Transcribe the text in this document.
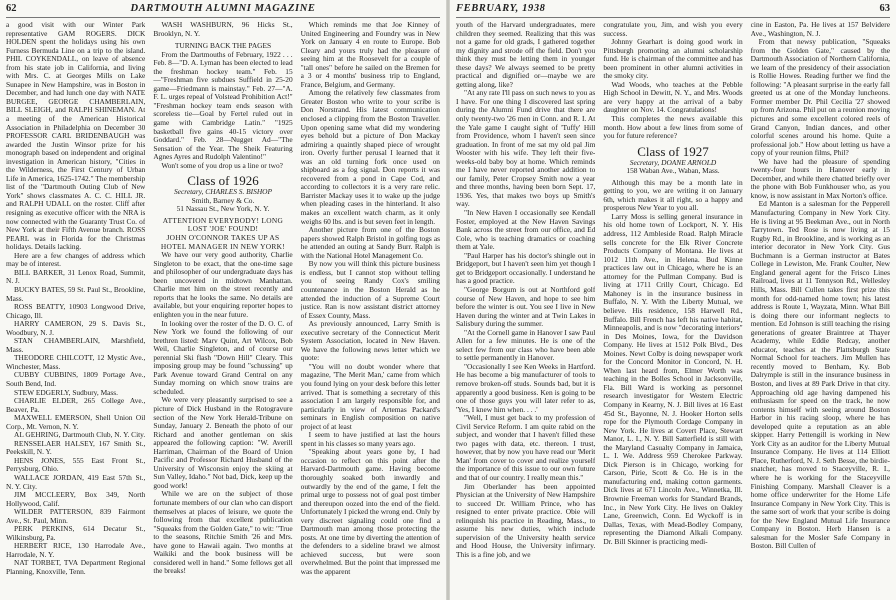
62	DARTMOUTH ALUMNI MAGAZINE

a good visit with our Winter Park representative GAM ROGERS. DICK HOLDEN spent the holidays using his own Furness Bermuda Line on a trip to the island. PHIL COYKENDALL, on leave of absence from his state job in California, and living with Mrs. C. at Georges Mills on Lake Sunapee in New Hampshire, was in Boston in December, and had lunch one day with NATE BURGEE, GEORGE CHAMBERLAIN, BILL SLEIGH, and RALPH SHINEMAN. At a meeting of the American Historical Association in Philadelphia on December 30 PROFESSOR CARL BRIDENBAUGH was awarded the Justin Winsor prize for his monograph based on independent and original investigation in American history, "Cities in the Wilderness, the First Century of Urban Life in America, 1625-1742." The membership list of the "Dartmouth Outing Club of New York" shows classmates A. C. C. HILL JR. and RALPH UDALL on the roster. Cliff after resigning as executive officer with the NRA is now connected with the Guaranty Trust Co. of New York at their Fifth Avenue branch. ROSS PEARL was in Florida for the Christmas holidays. Details lacking.

Here are a few changes of address which may be of interest.

BILL BARKER, 31 Lenox Road, Summit, N. J.

BUCKY BATES, 59 St. Paul St., Brookline, Mass.

ROSS BEATTY, 10903 Longwood Drive, Chicago, Ill.

HARRY CAMERON, 29 S. Davis St., Woodbury, N. J.

STAN CHAMBERLAIN, Marshfield, Mass.

THEODORE CHILCOTT, 12 Mystic Ave., Winchester, Mass.

CUBBY CUBBINS, 1809 Portage Ave., South Bend, Ind.

STEW EDGERLY, Sudbury, Mass.

CHARLIE ELDER, 265 College Ave., Beaver, Pa.

MAXWELL EMERSON, Shell Union Oil Corp., Mt. Vernon, N. Y.

AL GEHRING, Dartmouth Club, N. Y. City.

RENSSELAER HALSEY, 167 Smith St., Peekskill, N. Y.

HENS JONES, 555 East Front St., Perrysburg, Ohio.

WALLACE JORDAN, 419 East 57th St., N. Y. City.

JIM MCCLEERY, Box 349, North Hollywood, Calif.

WILDER PATTERSON, 839 Fairmont Ave., St. Paul, Minn.

PERK PERKINS, 614 Decatur St., Wilkinsburg, Pa.

HERBERT RICE, 130 Harrodale Ave., Harrodale, N. Y.

NAT TORBET, TVA Department Regional Planning, Knoxville, Tenn.

WASH WASHBURN, 96 Hicks St., Brooklyn, N. Y.

TURNING BACK THE PAGES

From the Dartmouths of February, 1922 . . . Feb. 8—"D. A. Lyman has been elected to lead the freshman hockey team." Feb. 15—"Freshman five subdues Suffield in 25-20 game—Friedmann is mainstay." Feb. 27—"A. F. L. urges repeal of Volstead Prohibition Act!" "Freshman hockey team ends season with scoreless tie—Goal by Fertel ruled out in game with Cambridge Latin." "1925 basketball five gains 40-15 victory over Goddard." Feb. 28—Nugget Ad—"The Sensation of the Year. The Sheik Featuring Agnes Ayres and Rudolph Valentino!"

Won't some of you drop us a line or two?

Class of 1926

Secretary, CHARLES S. BISHOP

Smith, Barney & Co.

51 Nassau St., New York, N. Y.

ATTENTION EVERYBODY! LONG LOST 'JOE' FOUND!

JOHN O'CONNOR TAKES UP AS HOTEL MANAGER IN NEW YORK!

We have our very good authority, Charlie Singleton to be exact, that the one-time sage and philosopher of our undergraduate days has been uncovered in midtown Manhattan. Charlie met him on the street recently and reports that he looks the same. No details are available, but your enquiring reporter hopes to enlighten you in the near future.

In looking over the roster of the D. O. C. of New York we found the following of our brethren listed: Marv Quint, Art Wilcox, Bob Weil, Charlie Singleton, and of course our perennial Ski flash "Down Hill" Cleary. This imposing group may be found "schussing" up Park Avenue toward Grand Central on any Sunday morning on which snow trains are scheduled.

We were very pleasantly surprised to see a picture of Dick Husband in the Rotogravure section of the New York Herald-Tribune on Sunday, January 2. Beneath the photo of our Richard and another gentleman on skis appeared the following caption: "W. Averill Harriman, Chairman of the Board of Union Pacific and Professor Richard Husband of the University of Wisconsin enjoy the skiing at Sun Valley, Idaho." Not bad, Dick, keep up the good work!

While we are on the subject of those fortunate members of our clan who can disport themselves at places of leisure, we quote the following from that excellent publication "Squeaks from the Golden Gate," to wit: "True to the seasons, Ritchie Smith '26 and Mrs. have gone to Hawaii again. Two months at Waikiki and the book business will be considered well in hand." Some fellows get all the breaks!

Which reminds me that Joe Kinney of United Engineering and Foundry was in New York on January 4 en route to Europe. Bob Cleary and yours truly had the pleasure of seeing him at the Roosevelt for a couple of "tall ones" before he sailed on the Bremen for a 3 or 4 months' business trip to England, France, Belgium, and Germany.

Among the relatively few classmates from Greater Boston who write to your scribe is Don Norstrand. His latest communication enclosed a clipping from the Boston Traveller. Upon opening same what did my wondering eyes behold but a picture of Don Mackay admiring a quaintly shaped piece of wrought iron. Overly further perusal I learned that it was an old turning fork once used on shipboard as a fog signal. Don reports it was recovered from a pond in Cape Cod, and according to collectors it is a very rare relic. Barrister Mackay uses it to wake up the judge when pleading cases in the hinterland. It also makes an excellent watch charm, as it only weighs 60 lbs. and is but seven feet in length.

Another picture from one of the Boston papers showed Ralph Bristol in golfing togs as he attended an outing at Sandy Burr. Ralph is with the National Hotel Management Co.

By now you will think this picture business is endless, but I cannot stop without telling you of seeing Randy Cox's smiling countenance in the Boston Herald as he attended the induction of a Supreme Court justice. Ran is now assistant district attorney of Essex County, Mass.

As previously announced, Larry Smith is executive secretary of the Connecticut Merit System Association, located in New Haven. We have the following news letter which we quote:

"You will no doubt wonder where that magazine, 'The Merit Man,' came from which you found lying on your desk before this letter arrived. That is something a secretary of this association I am largely responsible for, and particularly in view of Artemas Packard's seminars in English composition on native project of at least

I seem to have justified at last the hours spent in his classes so many years ago.

"Speaking about years gone by, I had occasion to reflect on this point after the Harvard-Dartmouth game. Having become thoroughly soaked both inwardly and outwardly by the end of the game, I felt the primal urge to possess not of goal post timber and thereupon oozed into the end of the field. Unfortunately I picked the wrong end. Only by very discreet signaling could one find a Dartmouth man among those protecting the posts. At one time by diverting the attention of the defenders to a sideline brawl we almost achieved success, but were soon overwhelmed. But the point that impressed me was the apparent

FEBRUARY, 1938	63

youth of the Harvard undergraduates, mere children they seemed. Realizing that this was not a game for old grads, I gathered together my dignity and strode off the field. Don't you think they must be letting them in younger these days? We always seemed to be pretty practical and dignified or—maybe we are getting along, like?

"At any rate I'll pass on such news to you as I have. For one thing I discovered last spring during the Alumni Fund drive that there are only twenty-two '26 men in Conn. and R. I. At the Yale game I caught sight of 'Tuffy' Hill from Providence, whom I haven't seen since graduation. In front of me sat my old pal Jim Wooster with his wife. They left their five-weeks-old baby boy at home. Which reminds me I have never reported another addition to our family, Peter Cropsey Smith now a year and three months, having been born Sept. 17, 1936. Yes, that makes two boys up Smith's way.

"In New Haven I occasionally see Kendall Foster, employed at the New Haven Savings Bank across the street from our office, and Ed Cole, who is teaching dramatics or coaching them at Yale.

"Paul Harper has his doctor's shingle out in Bridgeport, but I haven't seen him yet though I get to Bridgeport occasionally. I understand he has a good practice.

"George Borgum is out at Northford golf course of New Haven, and hope to see him before the winter is out. You see I live in New Haven during the winter and at Twin Lakes in Salisbury during the summer.

"At the Cornell game in Hanover I saw Paul Allen for a few minutes. He is one of the select few from our class who have been able to settle permanently in Hanover.

"Occasionally I see Ken Weeks in Hartford. He has become a big manufacturer of tools to remove broken-off studs. Sounds bad, but it is apparently a good business. Ken is going to be one of those guys you will later refer to as, 'Yes, I knew him when. . . .'

"Well, I must get back to my profession of Civil Service Reform. I am quite rabid on the subject, and wonder that I haven't filled these two pages with data, etc. thereon. I trust, however, that by now you have read our 'Merit Man' from cover to cover and realize yourself the importance of this issue to our own future and that of our country. I really mean this."

Jim Oberlander has been appointed Physician at the University of New Hampshire to succeed Dr. William Prince, who has resigned to enter private practice. Obie will relinquish his practice in Reading, Mass., to assume his new duties, which include supervision of the University health service and Hood House, the University infirmary. This is a fine job, and we

congratulate you, Jim, and wish you every success.

Johnny Gearhart is doing good work in Pittsburgh promoting an alumni scholarship fund. He is chairman of the committee and has been prominent in other alumni activities in the smoky city.

Wad Woods, who teaches at the Pebble High School in Dewitt, N. Y., and Mrs. Woods are very happy at the arrival of a baby daughter on Nov. 14. Congratulations!

This completes the news available this month. How about a few lines from some of you for future reference?

Class of 1927

Secretary, DOANE ARNOLD

158 Waban Ave., Waban, Mass.

Although this may be a month late in getting to you, we are writing it on January 6th, which makes it all right, so a happy and prosperous New Year to you all.

Larry Moss is selling general insurance in his old home town of Lockport, N. Y. His address, 112 Ambleside Road. Ralph Miracle sells concrete for the Elk River Concrete Products Company of Montana. He lives at 1012 11th Ave., in Helena. Bud Kinne practices law out in Chicago, where he is an attorney for the Pullman Company. Bud is living at 1711 Crilly Court, Chicago. Ed Mahoney is in the insurance business in Buffalo, N. Y. With the Liberty Mutual, we believe. His residence, 158 Harwell Rd., Buffalo. Bill French has left his native habitat, Minneapolis, and is now "decorating interiors" in Des Moines, Iowa, for the Davidson Company. He lives at 1512 Polk Blvd., Des Moines. Newt Colby is doing newspaper work for the Concord Monitor in Concord, N. H. When last heard from, Elmer Worth was teaching in the Bolles School in Jacksonville, Fla. Bill Ward is working as personnel research investigator for Western Electric Company in Kearny, N. J. Bill lives at 16 East 45d St., Bayonne, N. J. Hooker Horton sells rope for the Plymouth Cordage Company in New York. He lives at Covert Place, Stewart Manor, L. I., N. Y. Bill Satterfield is still with the Maryland Casualty Company in Jamaica, L. I. We. Address 959 Cherokee Parkway. Dick Pierson is in Chicago, working for Carson, Pirie, Scott & Co. He is in the manufacturing end, making cotton garments. Dick lives at 671 Lincoln Ave., Winnetka, Ill. Brownie Freeman works for Standard Brands, Inc., in New York City. He lives on Oakley Lane, Greenwich, Conn. Ed Wyckoff is in Dallas, Texas, with Mead-Bodley Company, representing the Diamond Alkali Company. Dr. Bill Skinner is practicing medi-

cine in Easton, Pa. He lives at 157 Belvidere Ave., Washington, N. J.

From that newsy publication, "Squeaks from the Golden Gate," caused by the Dartmouth Association of Northern California, we learn of the presidency of their association is Rollie Howes. Reading further we find the following: "A pleasant surprise in the early fall greeted us at one of the Monday luncheons. Former member Dr. Phil Cecilia '27 showed up from Arizona. Phil put on a reunion moving pictures and some excellent colored reels of Grand Canyon, Indian dances, and other colorful scenes around his home. Quite a professional job." How about letting us have a copy of your reunion films, Phil?

We have had the pleasure of spending twenty-four hours in Hanover early in December, and while there chatted briefly over the phone with Bob Funkhouser who, as you know, is now assistant in Max Norton's office.

Ed Manton is a salesman for the Pepperell Manufacturing Company in New York City. He is living at 95 Beekman Ave., out in North Tarrytown. Ted Rose is now living at 15 Rugby Rd., in Brookline, and is working as an interior decorator in New York City. Gus Buchmann is a German instructor at Bates College in Lewiston, Me. Frank Coulter, New England general agent for the Frisco Lines Railroad, lives at 11 Tennyson Rd., Wellesley Hills, Mass. Bill Cullen takes first prize this month for odd-named home town; his latest address is Route 1, Wayzata, Minn. What Bill is doing there our informant neglects to mention. Ed Johnson is still teaching the rising generations of greater Braintree at Thayer Academy, while Eddie Redcay, another educator, teaches at the Plattsburgh State Normal School for teachers. Jim Mullen has recently moved to Benham, Ky. Bob Dalrymple is still in the insurance business in Boston, and lives at 89 Park Drive in that city. Approaching old age having dampened his enthusiasm for speed on the track, he now contents himself with seeing around Boston Harbor in his racing sloop, where he has developed quite a reputation as an able skipper. Harry Pettengill is working in New York City as an auditor for the Liberty Mutual Insurance Company. He lives at 114 Elliott Place, Rutherford, N. J. Seth Besse, the birdie-snatcher, has moved to Staceyville, R. I., where he is working for the Staceyville Finishing Company. Marshall Cleaver is a home office underwriter for the Home Life Insurance Company in New York City. This is the same sort of work that your scribe is doing for the New England Mutual Life Insurance Company in Boston. Herb Hansen is a salesman for the Mosler Safe Company in Boston. Bill Cullen of
